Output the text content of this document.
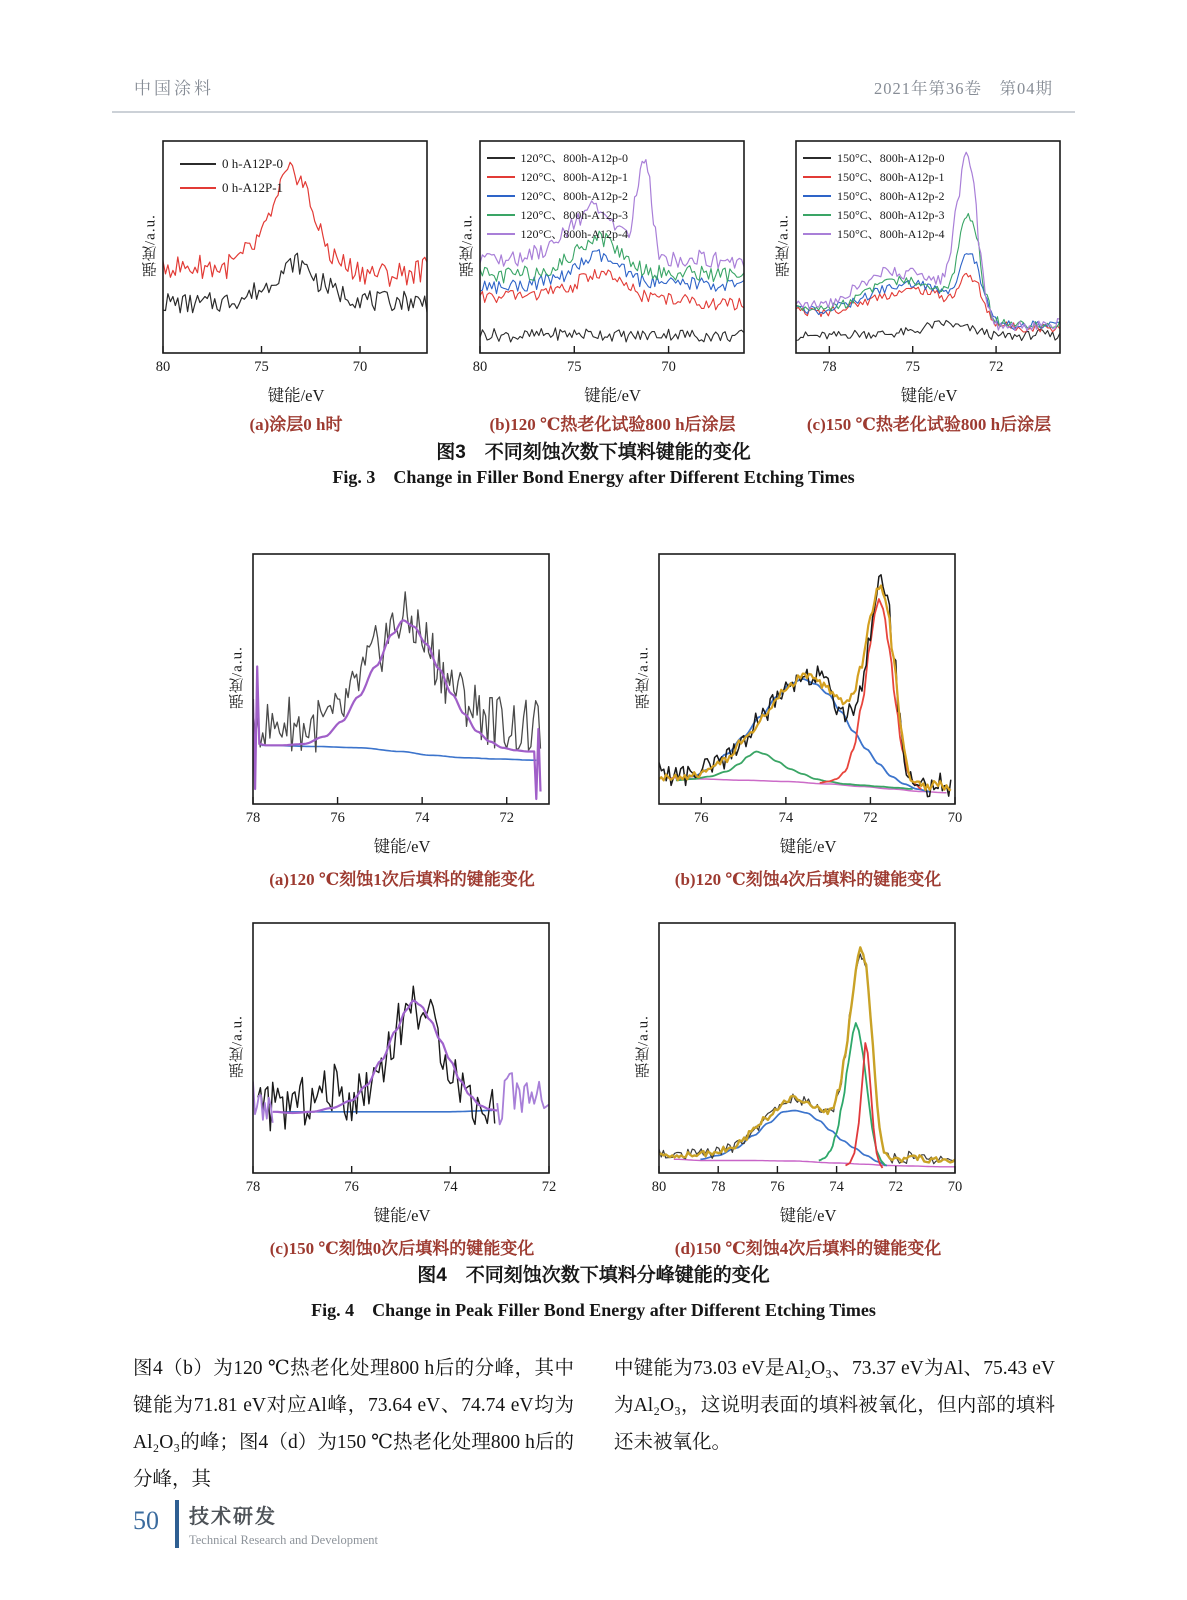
中国涂料	2021年第36卷　第04期
强度/a.u.
80	75	70
0 h-A12P-0
0 h-A12P-1
键能/eV
(a)涂层0 h时
强度/a.u.
80	75	70
120°C、800h-A12p-0
120°C、800h-A12p-1
120°C、800h-A12p-2
120°C、800h-A12p-3
120°C、800h-A12p-4
键能/eV
(b)120 ℃热老化试验800 h后涂层
强度/a.u.
78	75	72
150°C、800h-A12p-0
150°C、800h-A12p-1
150°C、800h-A12p-2
150°C、800h-A12p-3
150°C、800h-A12p-4
键能/eV
(c)150 ℃热老化试验800 h后涂层
图3　不同刻蚀次数下填料键能的变化
Fig. 3　Change in Filler Bond Energy after Different Etching Times
强度/a.u.
78	76	74	72
键能/eV
(a)120 ℃刻蚀1次后填料的键能变化
强度/a.u.
76	74	72	70
键能/eV
(b)120 ℃刻蚀4次后填料的键能变化
强度/a.u.
78	76	74	72
键能/eV
(c)150 ℃刻蚀0次后填料的键能变化
强度/a.u.
80	78	76	74	72	70
键能/eV
(d)150 ℃刻蚀4次后填料的键能变化
图4　不同刻蚀次数下填料分峰键能的变化
Fig. 4　Change in Peak Filler Bond Energy after Different Etching Times
图4（b）为120 ℃热老化处理800 h后的分峰，其中键能为71.81 eV对应Al峰，73.64 eV、74.74 eV均为Al₂O₃的峰；图4（d）为150 ℃热老化处理800 h后的分峰，其
中键能为73.03 eV是Al₂O₃、73.37 eV为Al、75.43 eV为Al₂O₃，这说明表面的填料被氧化，但内部的填料还未被氧化。
50 技术研发
Technical Research and Development
